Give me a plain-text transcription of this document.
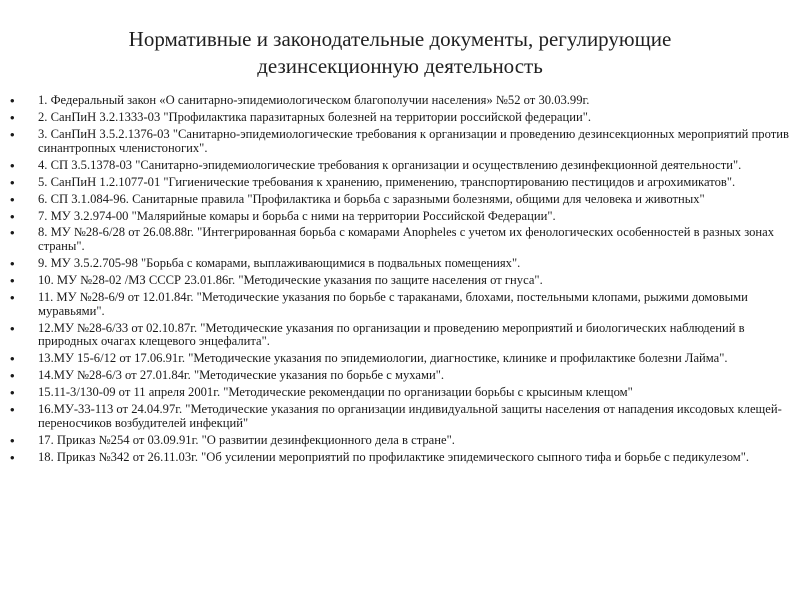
Нормативные и законодательные документы, регулирующие
дезинсекционную деятельность
• 1. Федеральный закон «О санитарно-эпидемиологическом благополучии населения» №52 от 30.03.99г.
• 2. СанПиН 3.2.1333-03 "Профилактика паразитарных болезней на территории российской федерации".
• 3. СанПиН 3.5.2.1376-03 "Санитарно-эпидемиологические требования к организации и проведению дезинсекционных мероприятий против синантропных членистоногих".
• 4. СП 3.5.1378-03 "Санитарно-эпидемиологические требования к организации и осуществлению дезинфекционной деятельности".
• 5. СанПиН 1.2.1077-01 "Гигиенические требования к хранению, применению, транспортированию пестицидов и агрохимикатов".
• 6. СП 3.1.084-96. Санитарные правила "Профилактика и борьба с заразными болезнями, общими для человека и животных"
• 7. МУ 3.2.974-00 "Малярийные комары и борьба с ними на территории Российской Федерации".
• 8. МУ №28-6/28 от 26.08.88г. "Интегрированная борьба с комарами Anopheles с учетом их фенологических особенностей в разных зонах страны".
• 9. МУ 3.5.2.705-98 "Борьба с комарами, выплаживающимися в подвальных помещениях".
• 10. МУ №28-02 /МЗ СССР 23.01.86г. "Методические указания по защите населения от гнуса".
• 11. МУ №28-6/9 от 12.01.84г. "Методические указания по борьбе с тараканами, блохами, постельными клопами, рыжими домовыми муравьями".
• 12.МУ №28-6/33 от 02.10.87г. "Методические указания по организации и проведению мероприятий и биологических наблюдений в природных очагах клещевого энцефалита".
• 13.МУ 15-6/12 от 17.06.91г. "Методические указания по эпидемиологии, диагностике, клинике и профилактике болезни Лайма".
• 14.МУ №28-6/3 от 27.01.84г. "Методические указания по борьбе с мухами".
• 15.11-3/130-09 от 11 апреля 2001г. "Методические рекомендации по организации борьбы с крысиным клещом"
• 16.МУ-33-113 от 24.04.97г. "Методические указания по организации индивидуальной защиты населения от нападения иксодовых клещей- переносчиков возбудителей инфекций"
• 17. Приказ №254 от 03.09.91г. "О развитии дезинфекционного дела в стране".
• 18. Приказ №342 от 26.11.03г. "Об усилении мероприятий по профилактике эпидемического сыпного тифа и борьбе с педикулезом".
